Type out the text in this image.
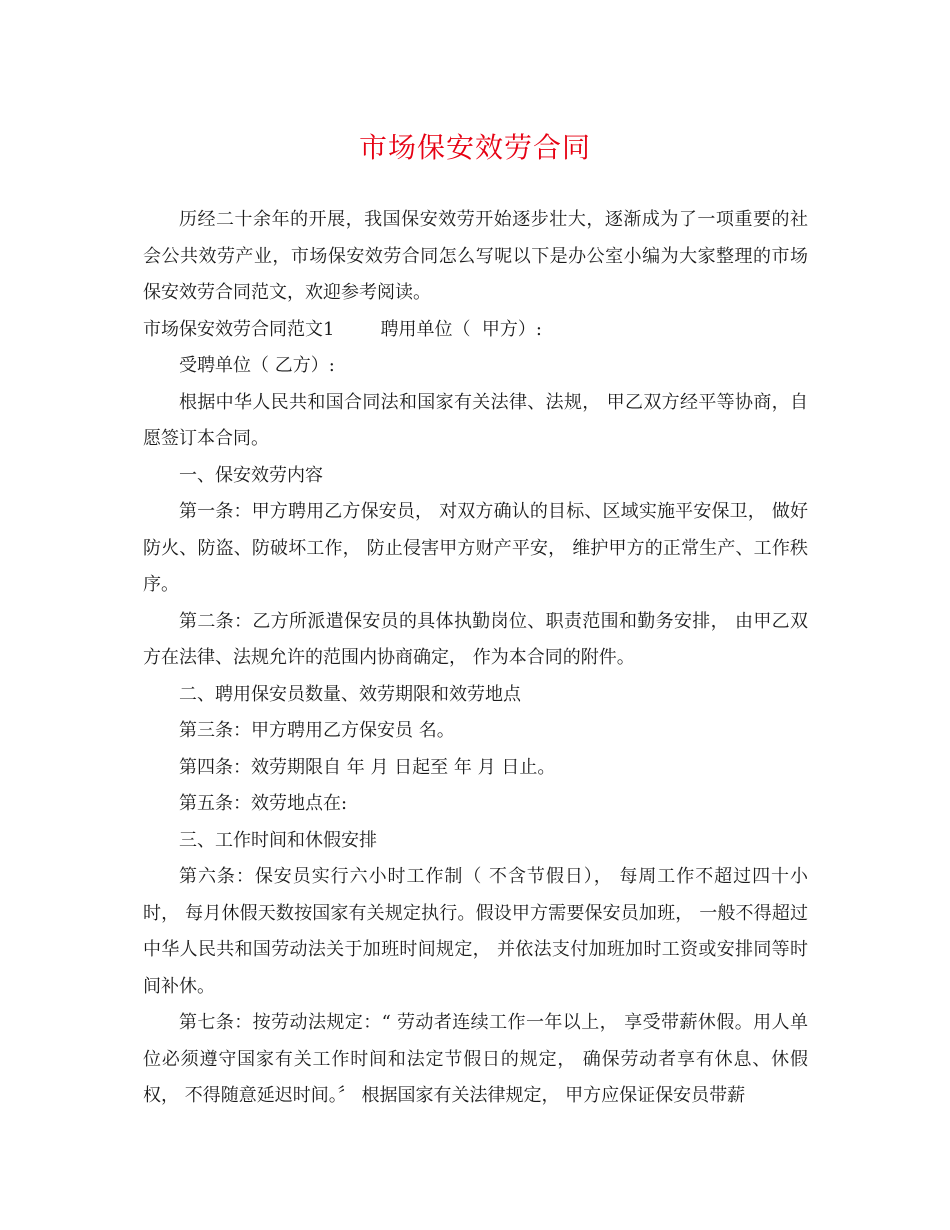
市场保安效劳合同

历经二十余年的开展，我国保安效劳开始逐步壮大，逐渐成为了一项重要的社会公共效劳产业，市场保安效劳合同怎么写呢以下是办公室小编为大家整理的市场保安效劳合同范文，欢迎参考阅读。

市场保安效劳合同范文1	聘用单位（  甲方）:

受聘单位（ 乙方）:

根据中华人民共和国合同法和国家有关法律、法规， 甲乙双方经平等协商，自愿签订本合同。

一、保安效劳内容

第一条：甲方聘用乙方保安员， 对双方确认的目标、区域实施平安保卫， 做好防火、防盗、防破坏工作， 防止侵害甲方财产平安， 维护甲方的正常生产、工作秩序。

第二条：乙方所派遣保安员的具体执勤岗位、职责范围和勤务安排， 由甲乙双方在法律、法规允许的范围内协商确定， 作为本合同的附件。

二、聘用保安员数量、效劳期限和效劳地点

第三条：甲方聘用乙方保安员 名。

第四条：效劳期限自 年 月 日起至 年 月 日止。

第五条：效劳地点在:

三、工作时间和休假安排

第六条：保安员实行六小时工作制（ 不含节假日）， 每周工作不超过四十小时， 每月休假天数按国家有关规定执行。假设甲方需要保安员加班， 一般不得超过中华人民共和国劳动法关于加班时间规定， 并依法支付加班加时工资或安排同等时间补休。

第七条：按劳动法规定：“ 劳动者连续工作一年以上， 享受带薪休假。用人单位必须遵守国家有关工作时间和法定节假日的规定， 确保劳动者享有休息、休假权， 不得随意延迟时间。〞 根据国家有关法律规定， 甲方应保证保安员带薪
